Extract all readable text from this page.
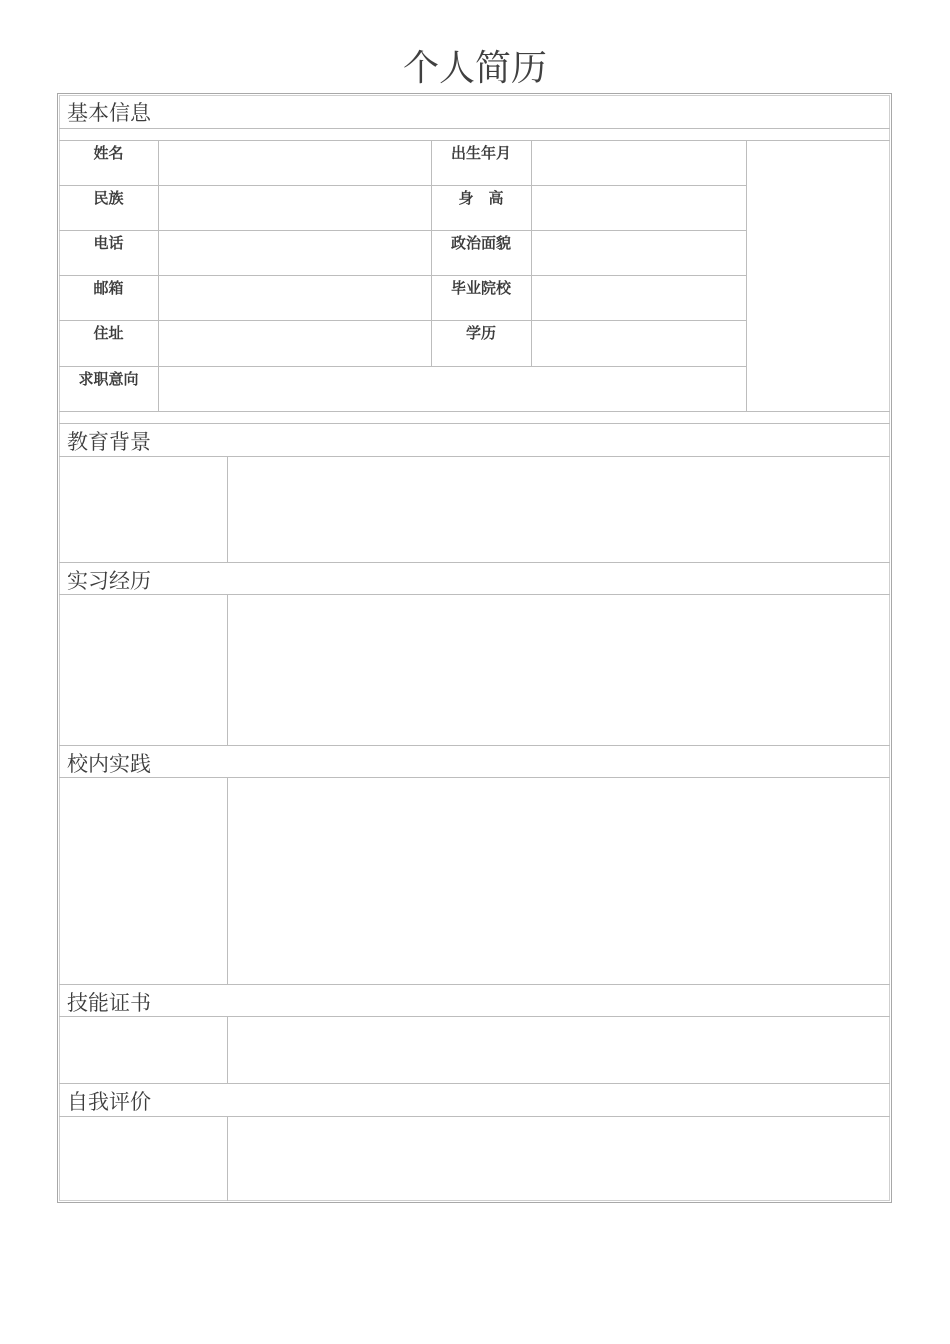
个人简历
基本信息
姓名
民族
电话
邮箱
住址
求职意向
出生年月
身　高
政治面貌
毕业院校
学历
教育背景
实习经历
校内实践
技能证书
自我评价
